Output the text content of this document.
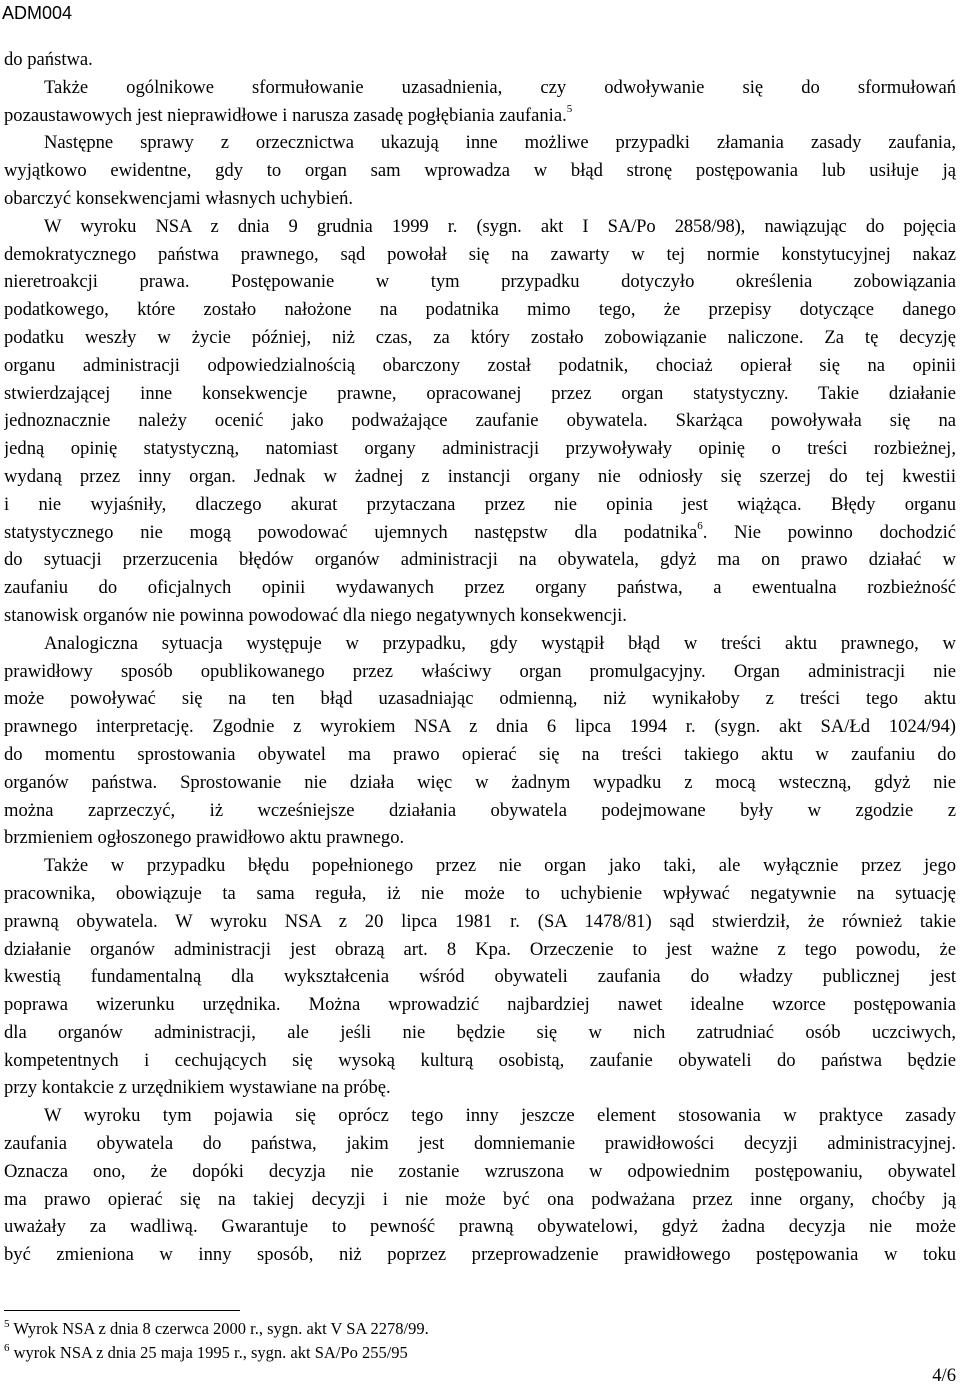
ADM004
do państwa.
Także ogólnikowe sformułowanie uzasadnienia, czy odwoływanie się do sformułowań
pozaustawowych jest nieprawidłowe i narusza zasadę pogłębiania zaufania.$^5$
Następne sprawy z orzecznictwa ukazują inne możliwe przypadki złamania zasady zaufania,
wyjątkowo ewidentne, gdy to organ sam wprowadza w błąd stronę postępowania lub usiłuje ją
obarczyć konsekwencjami własnych uchybień.
W wyroku NSA z dnia 9 grudnia 1999 r. (sygn. akt I SA/Po 2858/98), nawiązując do pojęcia
demokratycznego państwa prawnego, sąd powołał się na zawarty w tej normie konstytucyjnej nakaz
nieretroakcji prawa. Postępowanie w tym przypadku dotyczyło określenia zobowiązania
podatkowego, które zostało nałożone na podatnika mimo tego, że przepisy dotyczące danego
podatku weszły w życie później, niż czas, za który zostało zobowiązanie naliczone. Za tę decyzję
organu administracji odpowiedzialnością obarczony został podatnik, chociaż opierał się na opinii
stwierdzającej inne konsekwencje prawne, opracowanej przez organ statystyczny. Takie działanie
jednoznacznie należy ocenić jako podważające zaufanie obywatela. Skarżąca powoływała się na
jedną opinię statystyczną, natomiast organy administracji przywoływały opinię o treści rozbieżnej,
wydaną przez inny organ. Jednak w żadnej z instancji organy nie odniosły się szerzej do tej kwestii
i nie wyjaśniły, dlaczego akurat przytaczana przez nie opinia jest wiążąca. Błędy organu
statystycznego nie mogą powodować ujemnych następstw dla podatnika$^6$. Nie powinno dochodzić
do sytuacji przerzucenia błędów organów administracji na obywatela, gdyż ma on prawo działać w
zaufaniu do oficjalnych opinii wydawanych przez organy państwa, a ewentualna rozbieżność
stanowisk organów nie powinna powodować dla niego negatywnych konsekwencji.
Analogiczna sytuacja występuje w przypadku, gdy wystąpił błąd w treści aktu prawnego, w
prawidłowy sposób opublikowanego przez właściwy organ promulgacyjny. Organ administracji nie
może powoływać się na ten błąd uzasadniając odmienną, niż wynikałoby z treści tego aktu
prawnego interpretację. Zgodnie z wyrokiem NSA z dnia 6 lipca 1994 r. (sygn. akt SA/Łd 1024/94)
do momentu sprostowania obywatel ma prawo opierać się na treści takiego aktu w zaufaniu do
organów państwa. Sprostowanie nie działa więc w żadnym wypadku z mocą wsteczną, gdyż nie
można zaprzeczyć, iż wcześniejsze działania obywatela podejmowane były w zgodzie z
brzmieniem ogłoszonego prawidłowo aktu prawnego.
Także w przypadku błędu popełnionego przez nie organ jako taki, ale wyłącznie przez jego
pracownika, obowiązuje ta sama reguła, iż nie może to uchybienie wpływać negatywnie na sytuację
prawną obywatela. W wyroku NSA z 20 lipca 1981 r. (SA 1478/81) sąd stwierdził, że również takie
działanie organów administracji jest obrazą art. 8 Kpa. Orzeczenie to jest ważne z tego powodu, że
kwestią fundamentalną dla wykształcenia wśród obywateli zaufania do władzy publicznej jest
poprawa wizerunku urzędnika. Można wprowadzić najbardziej nawet idealne wzorce postępowania
dla organów administracji, ale jeśli nie będzie się w nich zatrudniać osób uczciwych,
kompetentnych i cechujących się wysoką kulturą osobistą, zaufanie obywateli do państwa będzie
przy kontakcie z urzędnikiem wystawiane na próbę.
W wyroku tym pojawia się oprócz tego inny jeszcze element stosowania w praktyce zasady
zaufania obywatela do państwa, jakim jest domniemanie prawidłowości decyzji administracyjnej.
Oznacza ono, że dopóki decyzja nie zostanie wzruszona w odpowiednim postępowaniu, obywatel
ma prawo opierać się na takiej decyzji i nie może być ona podważana przez inne organy, choćby ją
uważały za wadliwą. Gwarantuje to pewność prawną obywatelowi, gdyż żadna decyzja nie może
być zmieniona w inny sposób, niż poprzez przeprowadzenie prawidłowego postępowania w toku
$^5$ Wyrok NSA z dnia 8 czerwca 2000 r., sygn. akt V SA 2278/99.
$^6$ wyrok NSA z dnia 25 maja 1995 r., sygn. akt SA/Po 255/95
4/6
